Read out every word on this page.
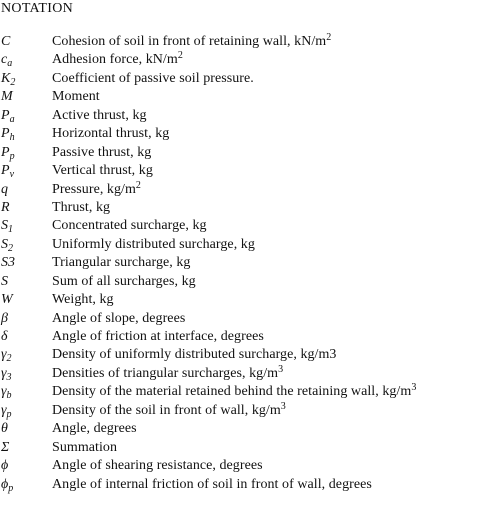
NOTATION
C	Cohesion of soil in front of retaining wall, $kN/m^2$
$c_a$	Adhesion force, $kN/m^2$
$K_2$	Coefficient of passive soil pressure.
M	Moment
$P_a$	Active thrust, kg
$P_h$	Horizontal thrust, kg
$P_p$	Passive thrust, kg
$P_v$	Vertical thrust, kg
q	Pressure, $kg/m^2$
R	Thrust, kg
$S_1$	Concentrated surcharge, kg
$S_2$	Uniformly distributed surcharge, kg
S3	Triangular surcharge, kg
S	Sum of all surcharges, kg
W	Weight, kg
β	Angle of slope, degrees
δ	Angle of friction at interface, degrees
$\gamma_2$	Density of uniformly distributed surcharge, kg/m3
$\gamma_3$	Densities of triangular surcharges, $kg/m^3$
$\gamma_b$	Density of the material retained behind the retaining wall, $kg/m^3$
$\gamma_p$	Density of the soil in front of wall, $kg/m^3$
θ	Angle, degrees
Σ	Summation
ϕ	Angle of shearing resistance, degrees
$\phi_p$	Angle of internal friction of soil in front of wall, degrees
